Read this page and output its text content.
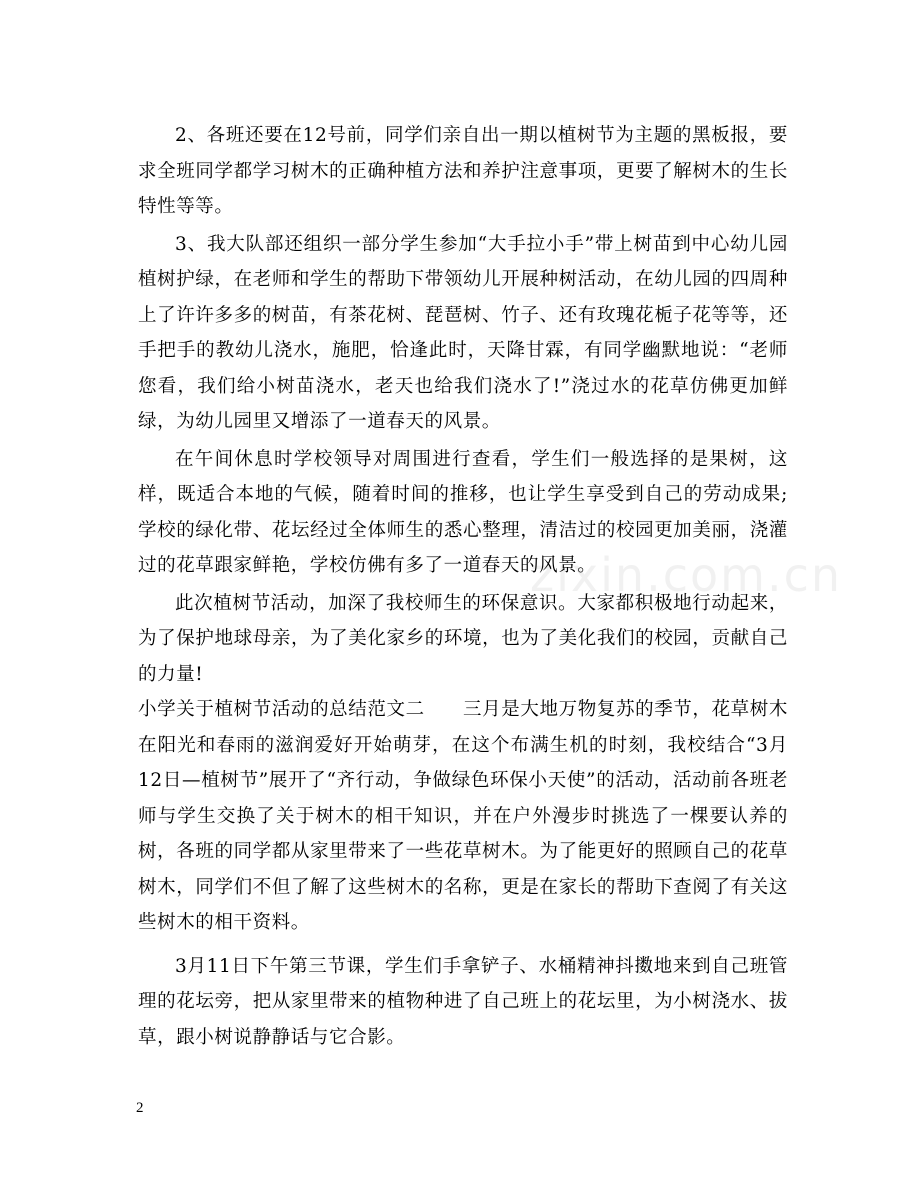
zixin.com.cn

2、各班还要在12号前，同学们亲自出一期以植树节为主题的黑板报，要求全班同学都学习树木的正确种植方法和养护注意事项，更要了解树木的生长特性等等。

3、我大队部还组织一部分学生参加“大手拉小手”带上树苗到中心幼儿园植树护绿，在老师和学生的帮助下带领幼儿开展种树活动，在幼儿园的四周种上了许许多多的树苗，有茶花树、琵琶树、竹子、还有玫瑰花栀子花等等，还手把手的教幼儿浇水，施肥，恰逢此时，天降甘霖，有同学幽默地说：“老师您看，我们给小树苗浇水，老天也给我们浇水了!”浇过水的花草仿佛更加鲜绿，为幼儿园里又增添了一道春天的风景。

在午间休息时学校领导对周围进行查看，学生们一般选择的是果树，这样，既适合本地的气候，随着时间的推移，也让学生享受到自己的劳动成果;学校的绿化带、花坛经过全体师生的悉心整理，清洁过的校园更加美丽，浇灌过的花草跟家鲜艳，学校仿佛有多了一道春天的风景。

此次植树节活动，加深了我校师生的环保意识。大家都积极地行动起来，为了保护地球母亲，为了美化家乡的环境，也为了美化我们的校园，贡献自己的力量!

小学关于植树节活动的总结范文二　　三月是大地万物复苏的季节，花草树木在阳光和春雨的滋润爱好开始萌芽，在这个布满生机的时刻，我校结合“3月12日—植树节”展开了“齐行动，争做绿色环保小天使”的活动，活动前各班老师与学生交换了关于树木的相干知识，并在户外漫步时挑选了一棵要认养的树，各班的同学都从家里带来了一些花草树木。为了能更好的照顾自己的花草树木，同学们不但了解了这些树木的名称，更是在家长的帮助下查阅了有关这些树木的相干资料。

3月11日下午第三节课，学生们手拿铲子、水桶精神抖擞地来到自己班管理的花坛旁，把从家里带来的植物种进了自己班上的花坛里，为小树浇水、拔草，跟小树说静静话与它合影。

2
